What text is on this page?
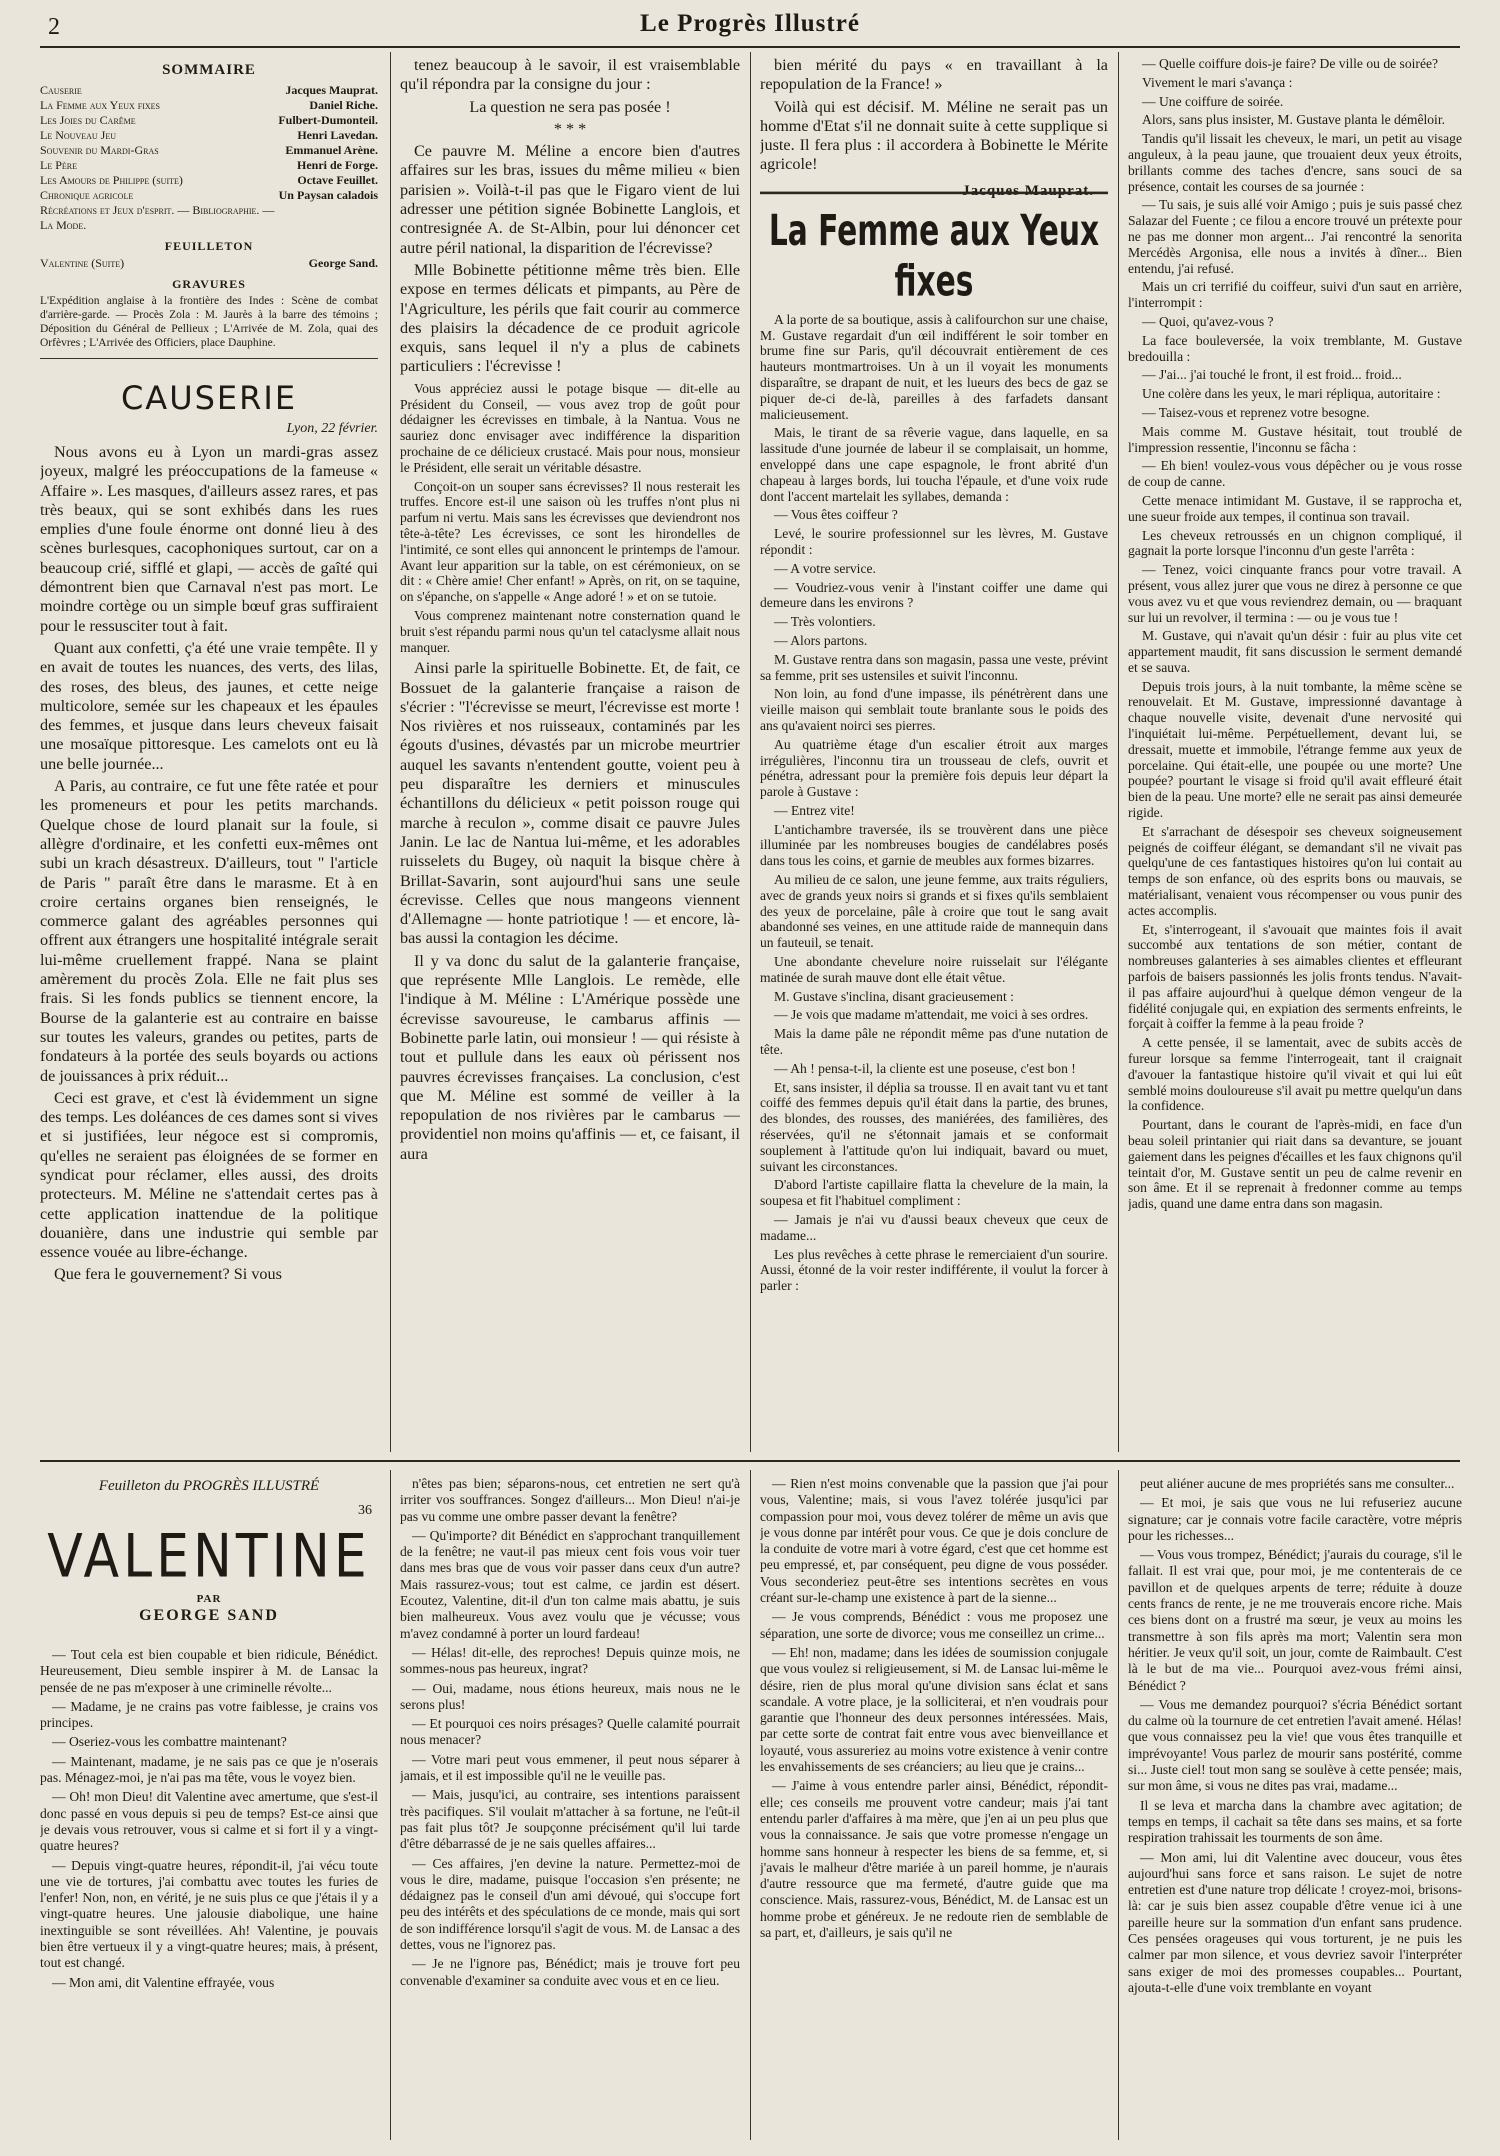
2	Le Progrès Illustré
SOMMAIRE
Causerie	Jacques Mauprat.
La Femme aux Yeux fixes	Daniel Riche.
Les Joies du Carême	Fulbert-Dumonteil.
Le Nouveau Jeu	Henri Lavedan.
Souvenir du Mardi-Gras	Emmanuel Arène.
Le Père	Henri de Forge.
Les Amours de Philippe (suite)	Octave Feuillet.
Chronique agricole	Un Paysan caladois
Récréations et Jeux d'esprit. — Bibliographie. —
La Mode.
FEUILLETON
Valentine (Suite)	George Sand.
GRAVURES
L'Expédition anglaise à la frontière des Indes : Scène de combat d'arrière-garde. — Procès Zola : M. Jaurès à la barre des témoins ; Déposition du Général de Pellieux ; L'Arrivée de M. Zola, quai des Orfèvres ; L'Arrivée des Officiers, place Dauphine.
CAUSERIE
Lyon, 22 février.

Nous avons eu à Lyon un mardi-gras assez joyeux, malgré les préoccupations de la fameuse « Affaire ». Les masques, d'ailleurs assez rares, et pas très beaux, qui se sont exhibés dans les rues emplies d'une foule énorme ont donné lieu à des scènes burlesques, cacophoniques surtout, car on a beaucoup crié, sifflé et glapi, — accès de gaîté qui démontrent bien que Carnaval n'est pas mort. Le moindre cortège ou un simple bœuf gras suffiraient pour le ressusciter tout à fait.

Quant aux confetti, ç'a été une vraie tempête. Il y en avait de toutes les nuances, des verts, des lilas, des roses, des bleus, des jaunes, et cette neige multicolore, semée sur les chapeaux et les épaules des femmes, et jusque dans leurs cheveux faisait une mosaïque pittoresque. Les camelots ont eu là une belle journée...

A Paris, au contraire, ce fut une fête ratée et pour les promeneurs et pour les petits marchands. Quelque chose de lourd planait sur la foule, si allègre d'ordinaire, et les confetti eux-mêmes ont subi un krach désastreux. D'ailleurs, tout " l'article de Paris " paraît être dans le marasme. Et à en croire certains organes bien renseignés, le commerce galant des agréables personnes qui offrent aux étrangers une hospitalité intégrale serait lui-même cruellement frappé. Nana se plaint amèrement du procès Zola. Elle ne fait plus ses frais. Si les fonds publics se tiennent encore, la Bourse de la galanterie est au contraire en baisse sur toutes les valeurs, grandes ou petites, parts de fondateurs à la portée des seuls boyards ou actions de jouissances à prix réduit...

Ceci est grave, et c'est là évidemment un signe des temps. Les doléances de ces dames sont si vives et si justifiées, leur négoce est si compromis, qu'elles ne seraient pas éloignées de se former en syndicat pour réclamer, elles aussi, des droits protecteurs. M. Méline ne s'attendait certes pas à cette application inattendue de la politique douanière, dans une industrie qui semble par essence vouée au libre-échange.

Que fera le gouvernement? Si vous

tenez beaucoup à le savoir, il est vraisemblable qu'il répondra par la consigne du jour :

La question ne sera pas posée !

* * *

Ce pauvre M. Méline a encore bien d'autres affaires sur les bras, issues du même milieu « bien parisien ». Voilà-t-il pas que le Figaro vient de lui adresser une pétition signée Bobinette Langlois, et contresignée A. de St-Albin, pour lui dénoncer cet autre péril national, la disparition de l'écrevisse?

Mlle Bobinette pétitionne même très bien. Elle expose en termes délicats et pimpants, au Père de l'Agriculture, les périls que fait courir au commerce des plaisirs la décadence de ce produit agricole exquis, sans lequel il n'y a plus de cabinets particuliers : l'écrevisse !

Vous appréciez aussi le potage bisque — dit-elle au Président du Conseil, — vous avez trop de goût pour dédaigner les écrevisses en timbale, à la Nantua. Vous ne sauriez donc envisager avec indifférence la disparition prochaine de ce délicieux crustacé. Mais pour nous, monsieur le Président, elle serait un véritable désastre.

Conçoit-on un souper sans écrevisses? Il nous resterait les truffes. Encore est-il une saison où les truffes n'ont plus ni parfum ni vertu. Mais sans les écrevisses que deviendront nos tête-à-tête? Les écrevisses, ce sont les hirondelles de l'intimité, ce sont elles qui annoncent le printemps de l'amour. Avant leur apparition sur la table, on est cérémonieux, on se dit : « Chère amie! Cher enfant! » Après, on rit, on se taquine, on s'épanche, on s'appelle « Ange adoré ! » et on se tutoie.

Vous comprenez maintenant notre consternation quand le bruit s'est répandu parmi nous qu'un tel cataclysme allait nous manquer.

Ainsi parle la spirituelle Bobinette. Et, de fait, ce Bossuet de la galanterie française a raison de s'écrier : "l'écrevisse se meurt, l'écrevisse est morte ! Nos rivières et nos ruisseaux, contaminés par les égouts d'usines, dévastés par un microbe meurtrier auquel les savants n'entendent goutte, voient peu à peu disparaître les derniers et minuscules échantillons du délicieux « petit poisson rouge qui marche à reculon », comme disait ce pauvre Jules Janin. Le lac de Nantua lui-même, et les adorables ruisselets du Bugey, où naquit la bisque chère à Brillat-Savarin, sont aujourd'hui sans une seule écrevisse. Celles que nous mangeons viennent d'Allemagne — honte patriotique ! — et encore, là-bas aussi la contagion les décime.

Il y va donc du salut de la galanterie française, que représente Mlle Langlois. Le remède, elle l'indique à M. Méline : L'Amérique possède une écrevisse savoureuse, le cambarus affinis — Bobinette parle latin, oui monsieur ! — qui résiste à tout et pullule dans les eaux où périssent nos pauvres écrevisses françaises. La conclusion, c'est que M. Méline est sommé de veiller à la repopulation de nos rivières par le cambarus — providentiel non moins qu'affinis — et, ce faisant, il aura

bien mérité du pays « en travaillant à la repopulation de la France! »

Voilà qui est décisif. M. Méline ne serait pas un homme d'Etat s'il ne donnait suite à cette supplique si juste. Il fera plus : il accordera à Bobinette le Mérite agricole!

Jacques Mauprat.
La Femme aux Yeux fixes

A la porte de sa boutique, assis à califourchon sur une chaise, M. Gustave regardait d'un œil indifférent le soir tomber en brume fine sur Paris, qu'il découvrait entièrement de ces hauteurs montmartroises. Un à un il voyait les monuments disparaître, se drapant de nuit, et les lueurs des becs de gaz se piquer de-ci de-là, pareilles à des farfadets dansant malicieusement.

Mais, le tirant de sa rêverie vague, dans laquelle, en sa lassitude d'une journée de labeur il se complaisait, un homme, enveloppé dans une cape espagnole, le front abrité d'un chapeau à larges bords, lui toucha l'épaule, et d'une voix rude dont l'accent martelait les syllabes, demanda :

— Vous êtes coiffeur ?

Levé, le sourire professionnel sur les lèvres, M. Gustave répondit :

— A votre service.

— Voudriez-vous venir à l'instant coiffer une dame qui demeure dans les environs ?

— Très volontiers.

— Alors partons.

M. Gustave rentra dans son magasin, passa une veste, prévint sa femme, prit ses ustensiles et suivit l'inconnu.

Non loin, au fond d'une impasse, ils pénétrèrent dans une vieille maison qui semblait toute branlante sous le poids des ans qu'avaient noirci ses pierres.

Au quatrième étage d'un escalier étroit aux marges irrégulières, l'inconnu tira un trousseau de clefs, ouvrit et pénétra, adressant pour la première fois depuis leur départ la parole à Gustave :

— Entrez vite!

L'antichambre traversée, ils se trouvèrent dans une pièce illuminée par les nombreuses bougies de candélabres posés dans tous les coins, et garnie de meubles aux formes bizarres.

Au milieu de ce salon, une jeune femme, aux traits réguliers, avec de grands yeux noirs si grands et si fixes qu'ils semblaient des yeux de porcelaine, pâle à croire que tout le sang avait abandonné ses veines, en une attitude raide de mannequin dans un fauteuil, se tenait.

Une abondante chevelure noire ruisselait sur l'élégante matinée de surah mauve dont elle était vêtue.

M. Gustave s'inclina, disant gracieusement :

— Je vois que madame m'attendait, me voici à ses ordres.

Mais la dame pâle ne répondit même pas d'une nutation de tête.

— Ah ! pensa-t-il, la cliente est une poseuse, c'est bon !

Et, sans insister, il déplia sa trousse. Il en avait tant vu et tant coiffé des femmes depuis qu'il était dans la partie, des brunes, des blondes, des rousses, des maniérées, des familières, des réservées, qu'il ne s'étonnait jamais et se conformait souplement à l'attitude qu'on lui indiquait, bavard ou muet, suivant les circonstances.

D'abord l'artiste capillaire flatta la chevelure de la main, la soupesa et fit l'habituel compliment :

— Jamais je n'ai vu d'aussi beaux cheveux que ceux de madame...

Les plus revêches à cette phrase le remerciaient d'un sourire. Aussi, étonné de la voir rester indifférente, il voulut la forcer à parler :

— Quelle coiffure dois-je faire? De ville ou de soirée?

Vivement le mari s'avança :

— Une coiffure de soirée.

Alors, sans plus insister, M. Gustave planta le démêloir.

Tandis qu'il lissait les cheveux, le mari, un petit au visage anguleux, à la peau jaune, que trouaient deux yeux étroits, brillants comme des taches d'encre, sans souci de sa présence, contait les courses de sa journée :

— Tu sais, je suis allé voir Amigo ; puis je suis passé chez Salazar del Fuente ; ce filou a encore trouvé un prétexte pour ne pas me donner mon argent... J'ai rencontré la senorita Mercédès Argonisa, elle nous a invités à dîner... Bien entendu, j'ai refusé.

Mais un cri terrifié du coiffeur, suivi d'un saut en arrière, l'interrompit :

— Quoi, qu'avez-vous ?

La face bouleversée, la voix tremblante, M. Gustave bredouilla :

— J'ai... j'ai touché le front, il est froid... froid...

Une colère dans les yeux, le mari répliqua, autoritaire :

— Taisez-vous et reprenez votre besogne.

Mais comme M. Gustave hésitait, tout troublé de l'impression ressentie, l'inconnu se fâcha :

— Eh bien! voulez-vous vous dépêcher ou je vous rosse de coup de canne.

Cette menace intimidant M. Gustave, il se rapprocha et, une sueur froide aux tempes, il continua son travail.

Les cheveux retroussés en un chignon compliqué, il gagnait la porte lorsque l'inconnu d'un geste l'arrêta :

— Tenez, voici cinquante francs pour votre travail. A présent, vous allez jurer que vous ne direz à personne ce que vous avez vu et que vous reviendrez demain, ou — braquant sur lui un revolver, il termina : — ou je vous tue !

M. Gustave, qui n'avait qu'un désir : fuir au plus vite cet appartement maudit, fit sans discussion le serment demandé et se sauva.

Depuis trois jours, à la nuit tombante, la même scène se renouvelait. Et M. Gustave, impressionné davantage à chaque nouvelle visite, devenait d'une nervosité qui l'inquiétait lui-même. Perpétuellement, devant lui, se dressait, muette et immobile, l'étrange femme aux yeux de porcelaine. Qui était-elle, une poupée ou une morte? Une poupée? pourtant le visage si froid qu'il avait effleuré était bien de la peau. Une morte? elle ne serait pas ainsi demeurée rigide.

Et s'arrachant de désespoir ses cheveux soigneusement peignés de coiffeur élégant, se demandant s'il ne vivait pas quelqu'une de ces fantastiques histoires qu'on lui contait au temps de son enfance, où des esprits bons ou mauvais, se matérialisant, venaient vous récompenser ou vous punir des actes accomplis.

Et, s'interrogeant, il s'avouait que maintes fois il avait succombé aux tentations de son métier, contant de nombreuses galanteries à ses aimables clientes et effleurant parfois de baisers passionnés les jolis fronts tendus. N'avait-il pas affaire aujourd'hui à quelque démon vengeur de la fidélité conjugale qui, en expiation des serments enfreints, le forçait à coiffer la femme à la peau froide ?

A cette pensée, il se lamentait, avec de subits accès de fureur lorsque sa femme l'interrogeait, tant il craignait d'avouer la fantastique histoire qu'il vivait et qui lui eût semblé moins douloureuse s'il avait pu mettre quelqu'un dans la confidence.

Pourtant, dans le courant de l'après-midi, en face d'un beau soleil printanier qui riait dans sa devanture, se jouant gaiement dans les peignes d'écailles et les faux chignons qu'il teintait d'or, M. Gustave sentit un peu de calme revenir en son âme. Et il se reprenait à fredonner comme au temps jadis, quand une dame entra dans son magasin.

Feuilleton du PROGRÈS ILLUSTRÉ
36
VALENTINE
PAR
GEORGE SAND

— Tout cela est bien coupable et bien ridicule, Bénédict. Heureusement, Dieu semble inspirer à M. de Lansac la pensée de ne pas m'exposer à une criminelle révolte...

— Madame, je ne crains pas votre faiblesse, je crains vos principes.

— Oseriez-vous les combattre maintenant?

— Maintenant, madame, je ne sais pas ce que je n'oserais pas. Ménagez-moi, je n'ai pas ma tête, vous le voyez bien.

— Oh! mon Dieu! dit Valentine avec amertume, que s'est-il donc passé en vous depuis si peu de temps? Est-ce ainsi que je devais vous retrouver, vous si calme et si fort il y a vingt-quatre heures?

— Depuis vingt-quatre heures, répondit-il, j'ai vécu toute une vie de tortures, j'ai combattu avec toutes les furies de l'enfer! Non, non, en vérité, je ne suis plus ce que j'étais il y a vingt-quatre heures. Une jalousie diabolique, une haine inextinguible se sont réveillées. Ah! Valentine, je pouvais bien être vertueux il y a vingt-quatre heures; mais, à présent, tout est changé.

— Mon ami, dit Valentine effrayée, vous

n'êtes pas bien; séparons-nous, cet entretien ne sert qu'à irriter vos souffrances. Songez d'ailleurs... Mon Dieu! n'ai-je pas vu comme une ombre passer devant la fenêtre?

— Qu'importe? dit Bénédict en s'approchant tranquillement de la fenêtre; ne vaut-il pas mieux cent fois vous voir tuer dans mes bras que de vous voir passer dans ceux d'un autre? Mais rassurez-vous; tout est calme, ce jardin est désert. Ecoutez, Valentine, dit-il d'un ton calme mais abattu, je suis bien malheureux. Vous avez voulu que je vécusse; vous m'avez condamné à porter un lourd fardeau!

— Hélas! dit-elle, des reproches! Depuis quinze mois, ne sommes-nous pas heureux, ingrat?

— Oui, madame, nous étions heureux, mais nous ne le serons plus!

— Et pourquoi ces noirs présages? Quelle calamité pourrait nous menacer?

— Votre mari peut vous emmener, il peut nous séparer à jamais, et il est impossible qu'il ne le veuille pas.

— Mais, jusqu'ici, au contraire, ses intentions paraissent très pacifiques. S'il voulait m'attacher à sa fortune, ne l'eût-il pas fait plus tôt? Je soupçonne précisément qu'il lui tarde d'être débarrassé de je ne sais quelles affaires...

— Ces affaires, j'en devine la nature. Permettez-moi de vous le dire, madame, puisque l'occasion s'en présente; ne dédaignez pas le conseil d'un ami dévoué, qui s'occupe fort peu des intérêts et des spéculations de ce monde, mais qui sort de son indifférence lorsqu'il s'agit de vous. M. de Lansac a des dettes, vous ne l'ignorez pas.

— Je ne l'ignore pas, Bénédict; mais je trouve fort peu convenable d'examiner sa conduite avec vous et en ce lieu.

— Rien n'est moins convenable que la passion que j'ai pour vous, Valentine; mais, si vous l'avez tolérée jusqu'ici par compassion pour moi, vous devez tolérer de même un avis que je vous donne par intérêt pour vous. Ce que je dois conclure de la conduite de votre mari à votre égard, c'est que cet homme est peu empressé, et, par conséquent, peu digne de vous posséder. Vous seconderiez peut-être ses intentions secrètes en vous créant sur-le-champ une existence à part de la sienne...

— Je vous comprends, Bénédict : vous me proposez une séparation, une sorte de divorce; vous me conseillez un crime...

— Eh! non, madame; dans les idées de soumission conjugale que vous voulez si religieusement, si M. de Lansac lui-même le désire, rien de plus moral qu'une division sans éclat et sans scandale. A votre place, je la solliciterai, et n'en voudrais pour garantie que l'honneur des deux personnes intéressées. Mais, par cette sorte de contrat fait entre vous avec bienveillance et loyauté, vous assureriez au moins votre existence à venir contre les envahissements de ses créanciers; au lieu que je crains...

— J'aime à vous entendre parler ainsi, Bénédict, répondit-elle; ces conseils me prouvent votre candeur; mais j'ai tant entendu parler d'affaires à ma mère, que j'en ai un peu plus que vous la connaissance. Je sais que votre promesse n'engage un homme sans honneur à respecter les biens de sa femme, et, si j'avais le malheur d'être mariée à un pareil homme, je n'aurais d'autre ressource que ma fermeté, d'autre guide que ma conscience. Mais, rassurez-vous, Bénédict, M. de Lansac est un homme probe et généreux. Je ne redoute rien de semblable de sa part, et, d'ailleurs, je sais qu'il ne

peut aliéner aucune de mes propriétés sans me consulter...

— Et moi, je sais que vous ne lui refuseriez aucune signature; car je connais votre facile caractère, votre mépris pour les richesses...

— Vous vous trompez, Bénédict; j'aurais du courage, s'il le fallait. Il est vrai que, pour moi, je me contenterais de ce pavillon et de quelques arpents de terre; réduite à douze cents francs de rente, je ne me trouverais encore riche. Mais ces biens dont on a frustré ma sœur, je veux au moins les transmettre à son fils après ma mort; Valentin sera mon héritier. Je veux qu'il soit, un jour, comte de Raimbault. C'est là le but de ma vie... Pourquoi avez-vous frémi ainsi, Bénédict ?

— Vous me demandez pourquoi? s'écria Bénédict sortant du calme où la tournure de cet entretien l'avait amené. Hélas! que vous connaissez peu la vie! que vous êtes tranquille et imprévoyante! Vous parlez de mourir sans postérité, comme si... Juste ciel! tout mon sang se soulève à cette pensée; mais, sur mon âme, si vous ne dites pas vrai, madame...

Il se leva et marcha dans la chambre avec agitation; de temps en temps, il cachait sa tête dans ses mains, et sa forte respiration trahissait les tourments de son âme.

— Mon ami, lui dit Valentine avec douceur, vous êtes aujourd'hui sans force et sans raison. Le sujet de notre entretien est d'une nature trop délicate ! croyez-moi, brisons-là: car je suis bien assez coupable d'être venue ici à une pareille heure sur la sommation d'un enfant sans prudence. Ces pensées orageuses qui vous torturent, je ne puis les calmer par mon silence, et vous devriez savoir l'interpréter sans exiger de moi des promesses coupables... Pourtant, ajouta-t-elle d'une voix tremblante en voyant
